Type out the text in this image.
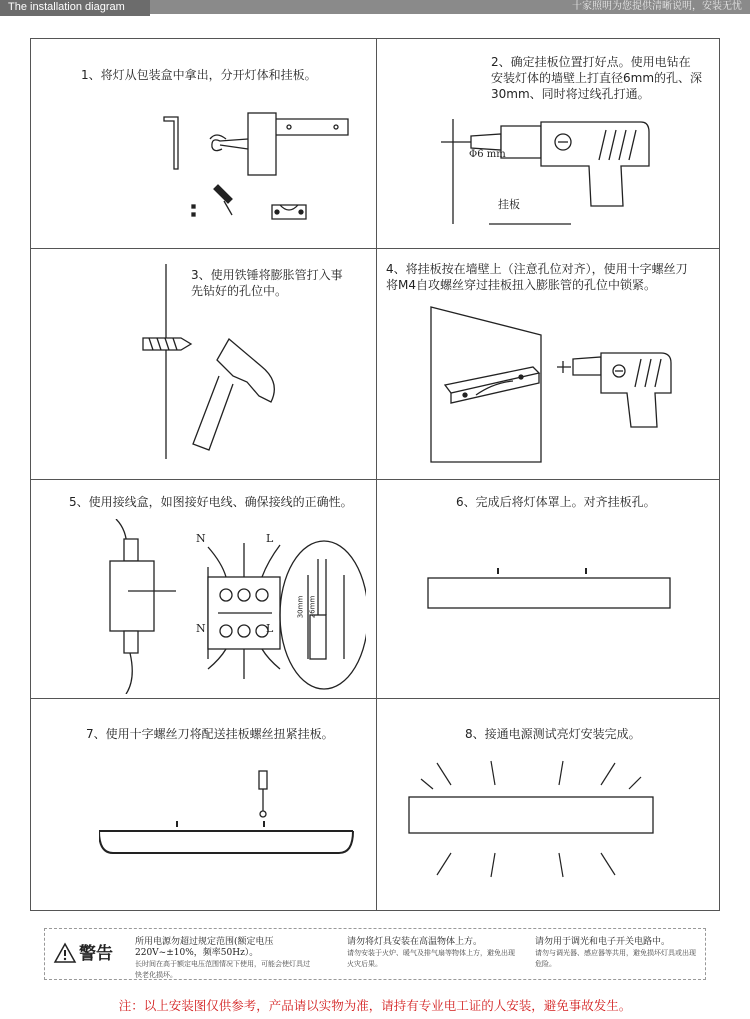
The installation diagram	十家照明为您提供清晰说明，安装无忧
1、将灯从包装盒中拿出，分开灯体和挂板。
2、确定挂板位置打好点。使用电钻在
安装灯体的墙壁上打直径6mm的孔、深
30mm、同时将过线孔打通。
Φ6 mm
挂板
3、使用铁锤将膨胀管打入事
先钻好的孔位中。
4、将挂板按在墙壁上（注意孔位对齐），使用十字螺丝刀
将M4自攻螺丝穿过挂板扭入膨胀管的孔位中锁紧。
5、使用接线盒，如图接好电线、确保接线的正确性。
N	L
N	L
30mm 26mm
6、完成后将灯体罩上。对齐挂板孔。
7、使用十字螺丝刀将配送挂板螺丝扭紧挂板。	8、接通电源测试亮灯安装完成。
警告
所用电源勿超过规定范围(额定电压
220V~±10%，频率50Hz）。
长时间在高于额定电压范围情况下使用，可能会使灯具过快老化损坏。
请勿将灯具安装在高温物体上方。
请勿安装于火炉、暖气及排气扇等物体上方，避免出现火灾后果。
请勿用于调光和电子开关电路中。
请勿与调光器、感应器等共用，避免损坏灯具或出现危险。
注：以上安装图仅供参考，产品请以实物为准，请持有专业电工证的人安装，避免事故发生。
